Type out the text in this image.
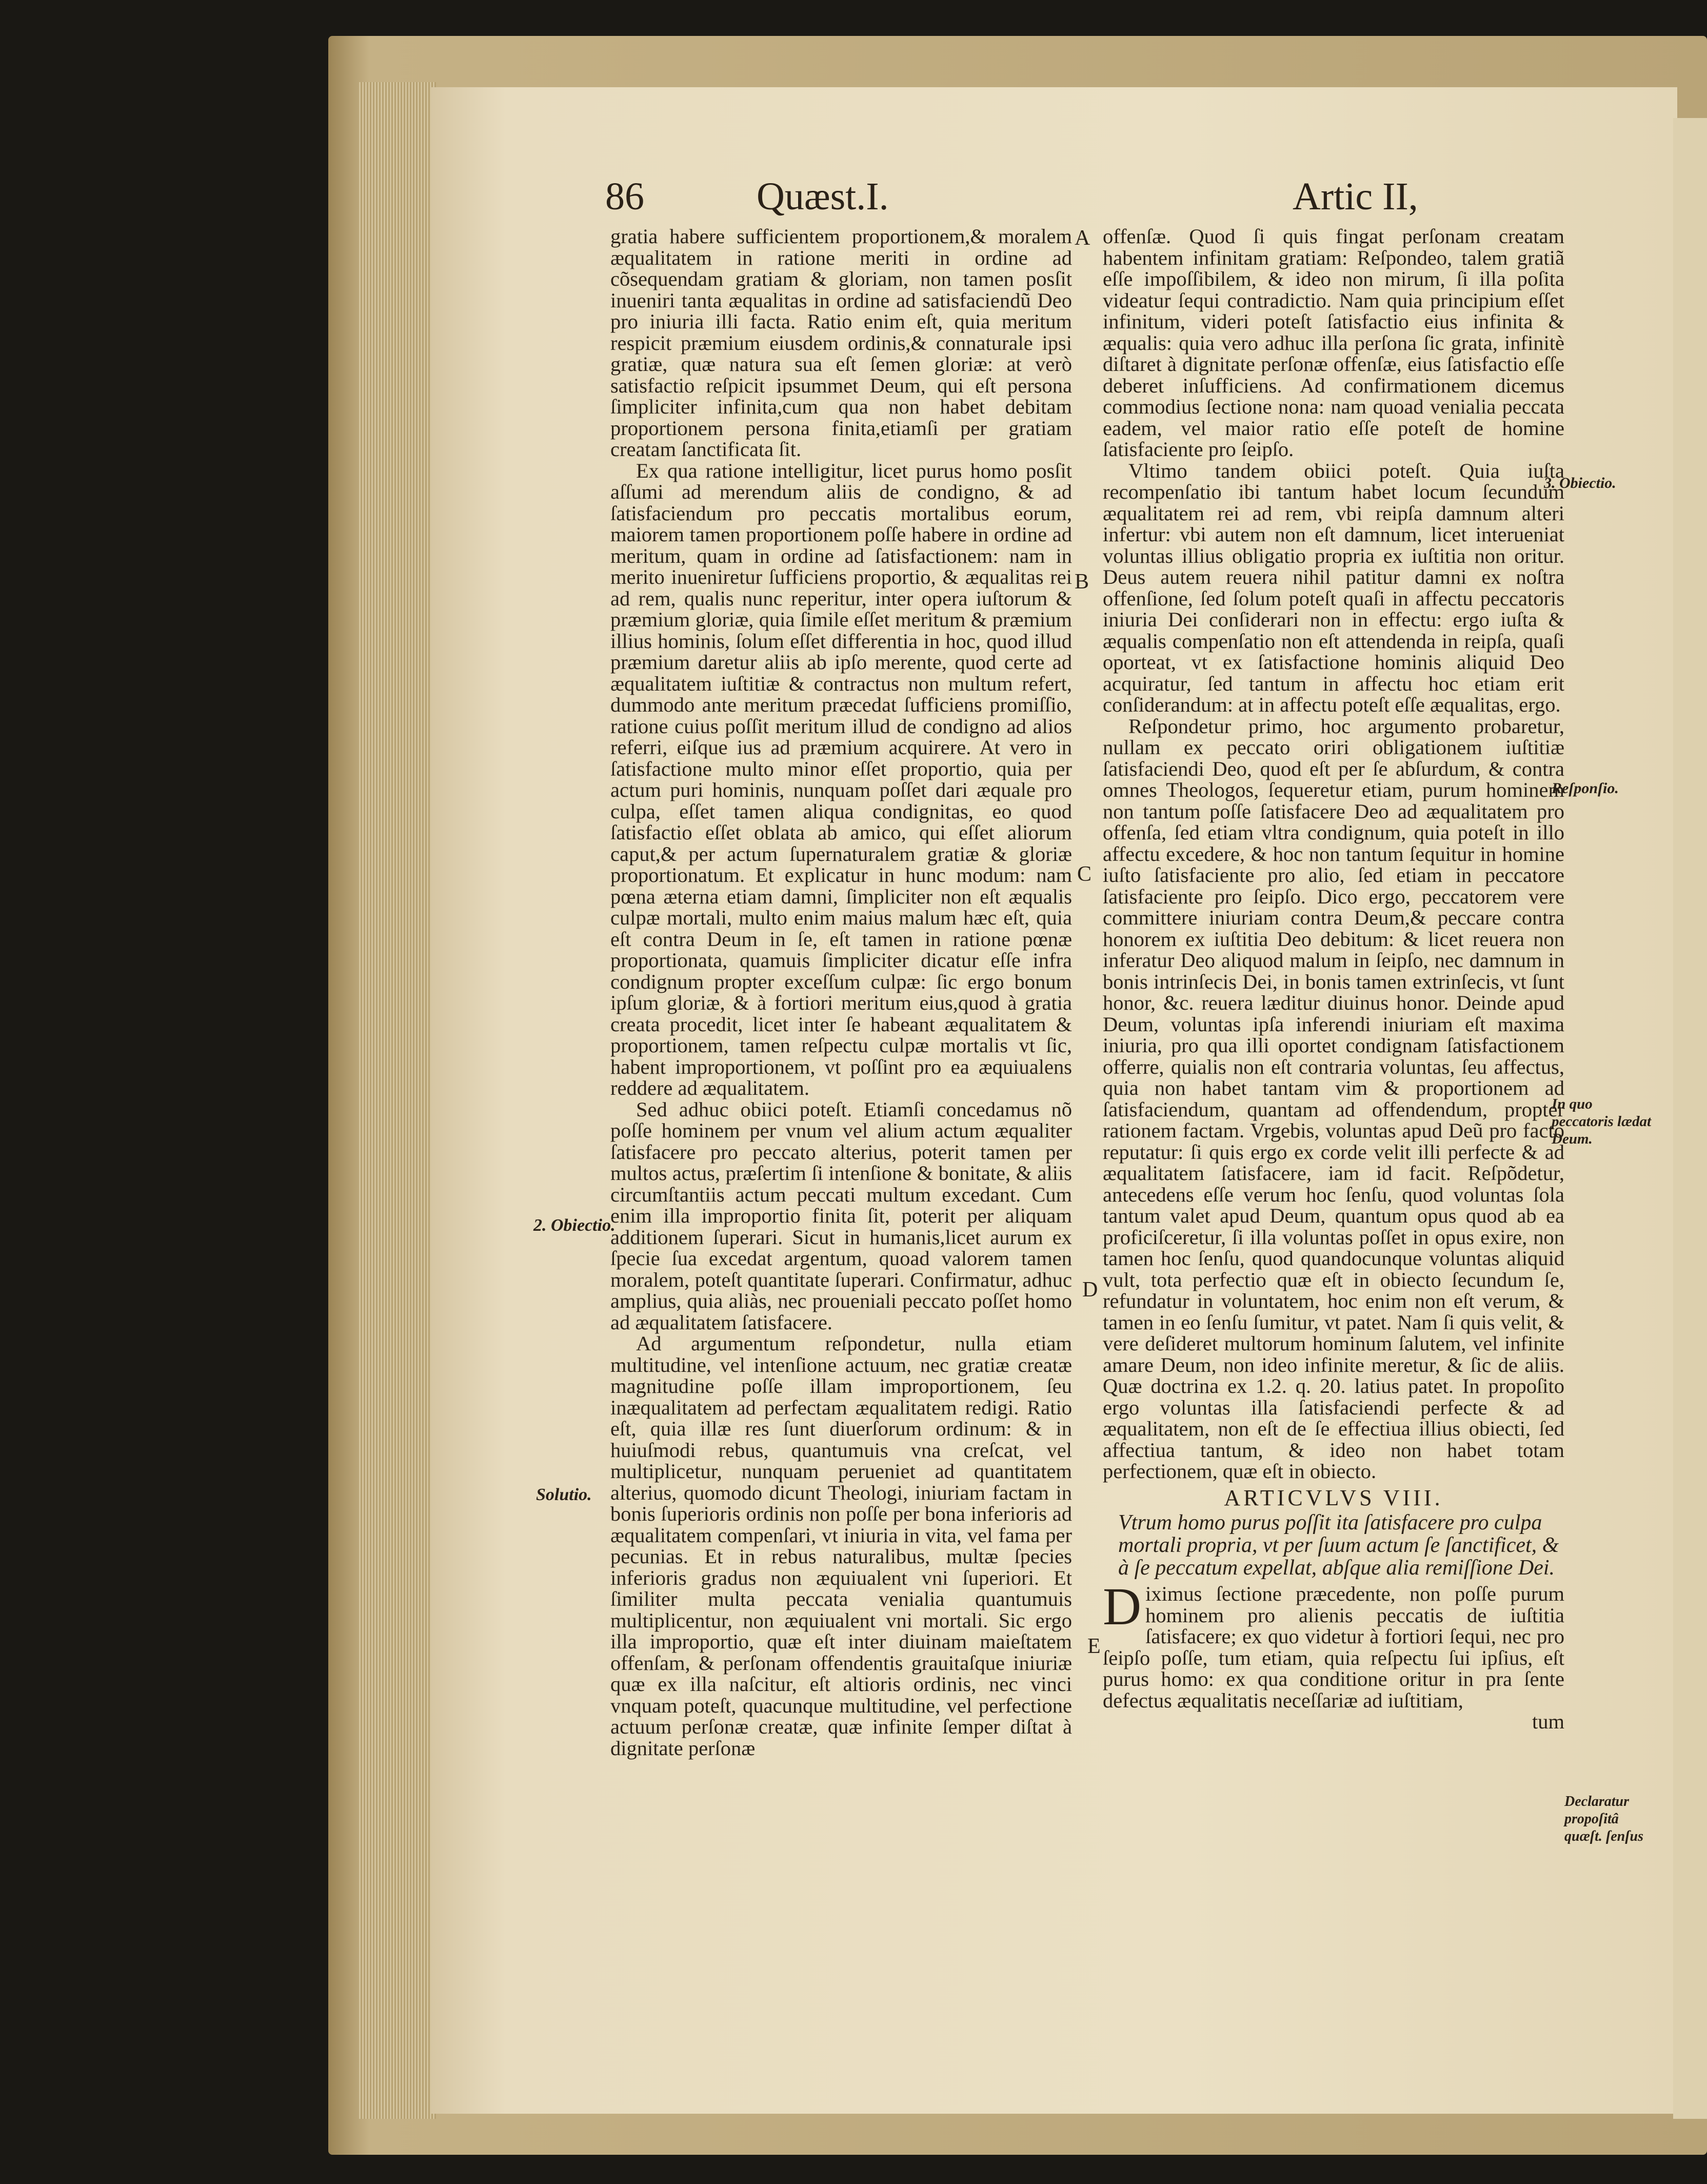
86	Quæst.I.	Artic II,

gratia habere sufficientem proportionem,& moralem æqualitatem in ratione meriti in ordine ad cõsequendam gratiam & gloriam, non tamen posſit inueniri tanta æqualitas in ordine ad satisfaciendũ Deo pro iniuria illi facta. Ratio enim eſt, quia meritum respicit præmium eiusdem ordinis,& connaturale ipsi gratiæ, quæ natura sua eſt ſemen gloriæ: at verò satisfactio reſpicit ipsummet Deum, qui eſt persona ſimpliciter infinita,cum qua non habet debitam proportionem persona finita,etiamſi per gratiam creatam ſanctificata ſit.

Ex qua ratione intelligitur, licet purus homo posſit aſſumi ad merendum aliis de condigno, & ad ſatisfaciendum pro peccatis mortalibus eorum, maiorem tamen proportionem poſſe habere in ordine ad meritum, quam in ordine ad ſatisfactionem: nam in merito inueniretur ſufficiens proportio, & æqualitas rei ad rem, qualis nunc reperitur, inter opera iuſtorum & præmium gloriæ, quia ſimile eſſet meritum & præmium illius hominis, ſolum eſſet differentia in hoc, quod illud præmium daretur aliis ab ipſo merente, quod certe ad æqualitatem iuſtitiæ & contractus non multum refert, dummodo ante meritum præcedat ſufficiens promiſſio, ratione cuius poſſit meritum illud de condigno ad alios referri, eiſque ius ad præmium acquirere. At vero in ſatisfactione multo minor eſſet proportio, quia per actum puri hominis, nunquam poſſet dari æquale pro culpa, eſſet tamen aliqua condignitas, eo quod ſatisfactio eſſet oblata ab amico, qui eſſet aliorum caput,& per actum ſupernaturalem gratiæ & gloriæ proportionatum. Et explicatur in hunc modum: nam pœna æterna etiam damni, ſimpliciter non eſt æqualis culpæ mortali, multo enim maius malum hæc eſt, quia eſt contra Deum in ſe, eſt tamen in ratione pœnæ proportionata, quamuis ſimpliciter dicatur eſſe infra condignum propter exceſſum culpæ: ſic ergo bonum ipſum gloriæ, & à fortiori meritum eius,quod à gratia creata procedit, licet inter ſe habeant æqualitatem & proportionem, tamen reſpectu culpæ mortalis vt ſic, habent improportionem, vt poſſint pro ea æquiualens reddere ad æqualitatem.

Sed adhuc obiici poteſt. Etiamſi concedamus nõ poſſe hominem per vnum vel alium actum æqualiter ſatisfacere pro peccato alterius, poterit tamen per multos actus, præſertim ſi intenſione & bonitate, & aliis circumſtantiis actum peccati multum excedant. Cum enim illa improportio finita ſit, poterit per aliquam additionem ſuperari. Sicut in humanis,licet aurum ex ſpecie ſua excedat argentum, quoad valorem tamen moralem, poteſt quantitate ſuperari. Confirmatur, adhuc amplius, quia aliàs, nec proueniali peccato poſſet homo ad æqualitatem ſatisfacere.

Ad argumentum reſpondetur, nulla etiam multitudine, vel intenſione actuum, nec gratiæ creatæ magnitudine poſſe illam improportionem, ſeu inæqualitatem ad perfectam æqualitatem redigi. Ratio eſt, quia illæ res ſunt diuerſorum ordinum: & in huiuſmodi rebus, quantumuis vna creſcat, vel multiplicetur, nunquam perueniet ad quantitatem alterius, quomodo dicunt Theologi, iniuriam factam in bonis ſuperioris ordinis non poſſe per bona inferioris ad æqualitatem compenſari, vt iniuria in vita, vel fama per pecunias. Et in rebus naturalibus, multæ ſpecies inferioris gradus non æquiualent vni ſuperiori. Et ſimiliter multa peccata venialia quantumuis multiplicentur, non æquiualent vni mortali. Sic ergo illa improportio, quæ eſt inter diuinam maieſtatem offenſam, & perſonam offendentis grauitaſque iniuriæ quæ ex illa naſcitur, eſt altioris ordinis, nec vinci vnquam poteſt, quacunque multitudine, vel perfectione actuum perſonæ creatæ, quæ infinite ſemper diſtat à dignitate perſonæ

offenſæ. Quod ſi quis fingat perſonam creatam habentem infinitam gratiam: Reſpondeo, talem gratiã eſſe impoſſibilem, & ideo non mirum, ſi illa poſita videatur ſequi contradictio. Nam quia principium eſſet infinitum, videri poteſt ſatisfactio eius infinita & æqualis: quia vero adhuc illa perſona ſic grata, infinitè diſtaret à dignitate perſonæ offenſæ, eius ſatisfactio eſſe deberet inſufficiens. Ad confirmationem dicemus commodius ſectione nona: nam quoad venialia peccata eadem, vel maior ratio eſſe poteſt de homine ſatisfaciente pro ſeipſo.

Vltimo tandem obiici poteſt. Quia iuſta recompenſatio ibi tantum habet locum ſecundum æqualitatem rei ad rem, vbi reipſa damnum alteri infertur: vbi autem non eſt damnum, licet interueniat voluntas illius obligatio propria ex iuſtitia non oritur. Deus autem reuera nihil patitur damni ex noſtra offenſione, ſed ſolum poteſt quaſi in affectu peccatoris iniuria Dei conſiderari non in effectu: ergo iuſta & æqualis compenſatio non eſt attendenda in reipſa, quaſi oporteat, vt ex ſatisfactione hominis aliquid Deo acquiratur, ſed tantum in affectu hoc etiam erit conſiderandum: at in affectu poteſt eſſe æqualitas, ergo.

Reſpondetur primo, hoc argumento probaretur, nullam ex peccato oriri obligationem iuſtitiæ ſatisfaciendi Deo, quod eſt per ſe abſurdum, & contra omnes Theologos, ſequeretur etiam, purum hominem non tantum poſſe ſatisfacere Deo ad æqualitatem pro offenſa, ſed etiam vltra condignum, quia poteſt in illo affectu excedere, & hoc non tantum ſequitur in homine iuſto ſatisfaciente pro alio, ſed etiam in peccatore ſatisfaciente pro ſeipſo. Dico ergo, peccatorem vere committere iniuriam contra Deum,& peccare contra honorem ex iuſtitia Deo debitum: & licet reuera non inferatur Deo aliquod malum in ſeipſo, nec damnum in bonis intrinſecis Dei, in bonis tamen extrinſecis, vt ſunt honor, &c. reuera læditur diuinus honor. Deinde apud Deum, voluntas ipſa inferendi iniuriam eſt maxima iniuria, pro qua illi oportet condignam ſatisfactionem offerre, quialis non eſt contraria voluntas, ſeu affectus, quia non habet tantam vim & proportionem ad ſatisfaciendum, quantam ad offendendum, propter rationem factam. Vrgebis, voluntas apud Deũ pro facto reputatur: ſi quis ergo ex corde velit illi perfecte & ad æqualitatem ſatisfacere, iam id facit. Reſpõdetur, antecedens eſſe verum hoc ſenſu, quod voluntas ſola tantum valet apud Deum, quantum opus quod ab ea proficiſceretur, ſi illa voluntas poſſet in opus exire, non tamen hoc ſenſu, quod quandocunque voluntas aliquid vult, tota perfectio quæ eſt in obiecto ſecundum ſe, refundatur in voluntatem, hoc enim non eſt verum, & tamen in eo ſenſu ſumitur, vt patet. Nam ſi quis velit, & vere deſideret multorum hominum ſalutem, vel infinite amare Deum, non ideo infinite meretur, & ſic de aliis. Quæ doctrina ex 1.2. q. 20. latius patet. In propoſito ergo voluntas illa ſatisfaciendi perfecte & ad æqualitatem, non eſt de ſe effectiua illius obiecti, ſed affectiua tantum, & ideo non habet totam perfectionem, quæ eſt in obiecto.

ARTICVLVS VIII.
Vtrum homo purus poſſit ita ſatisfacere pro culpa mortali propria, vt per ſuum actum ſe ſanctificet, & à ſe peccatum expellat, abſque alia remiſſione Dei.

D iximus ſectione præcedente, non poſſe purum hominem pro alienis peccatis de iuſtitia ſatisfacere; ex quo videtur à fortiori ſequi, nec pro ſeipſo poſſe, tum etiam, quia reſpectu ſui ipſius, eſt purus homo: ex qua conditione oritur in pra ſente defectus æqualitatis neceſſariæ ad iuſtitiam,

tum
A
B
C
D
E
2. Obiectio.
Solutio.
3. Obiectio.
Reſponſio.
In quo peccatoris lædat Deum.
Declaratur propoſitâ quæſt. ſenſus
